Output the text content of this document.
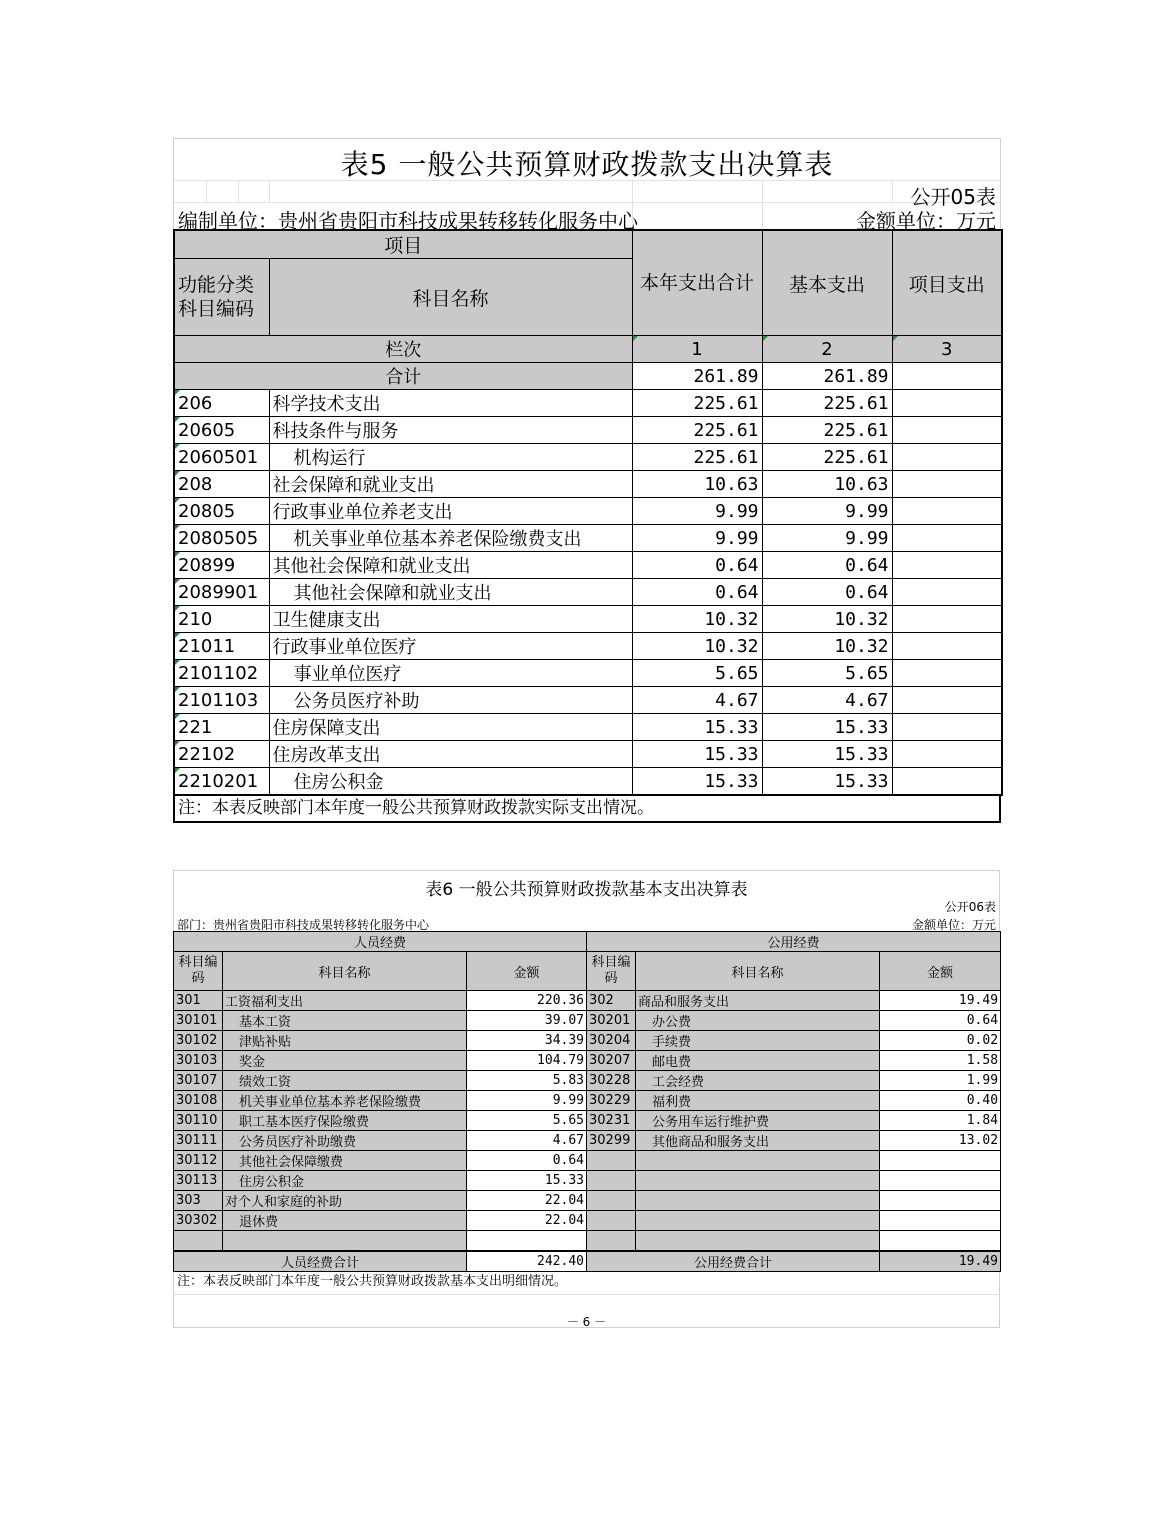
表5 一般公共预算财政拨款支出决算表
公开05表
编制单位：贵州省贵阳市科技成果转移转化服务中心	金额单位：万元
项目		本年支出合计	基本支出	项目支出
功能分类科目编码	科目名称			
栏次		1	2	3
合计		261.89	261.89	
206	科学技术支出	225.61	225.61	
20605	科技条件与服务	225.61	225.61	
2060501	机构运行	225.61	225.61	
208	社会保障和就业支出	10.63	10.63	
20805	行政事业单位养老支出	9.99	9.99	
2080505	机关事业单位基本养老保险缴费支出	9.99	9.99	
20899	其他社会保障和就业支出	0.64	0.64	
2089901	其他社会保障和就业支出	0.64	0.64	
210	卫生健康支出	10.32	10.32	
21011	行政事业单位医疗	10.32	10.32	
2101102	事业单位医疗	5.65	5.65	
2101103	公务员医疗补助	4.67	4.67	
221	住房保障支出	15.33	15.33	
22102	住房改革支出	15.33	15.33	
2210201	住房公积金	15.33	15.33	
注：本表反映部门本年度一般公共预算财政拨款实际支出情况。
表6 一般公共预算财政拨款基本支出决算表
公开06表
部门：贵州省贵阳市科技成果转移转化服务中心	金额单位：万元
人员经费			公用经费		
科目编码	科目名称	金额	科目编码	科目名称	金额
301	工资福利支出	220.36	302	商品和服务支出	19.49
30101	基本工资	39.07	30201	办公费	0.64
30102	津贴补贴	34.39	30204	手续费	0.02
30103	奖金	104.79	30207	邮电费	1.58
30107	绩效工资	5.83	30228	工会经费	1.99
30108	机关事业单位基本养老保险缴费	9.99	30229	福利费	0.40
30110	职工基本医疗保险缴费	5.65	30231	公务用车运行维护费	1.84
30111	公务员医疗补助缴费	4.67	30299	其他商品和服务支出	13.02
30112	其他社会保障缴费	0.64			
30113	住房公积金	15.33			
303	对个人和家庭的补助	22.04			
30302	退休费	22.04			

人员经费合计	242.40	公用经费合计	19.49
注：本表反映部门本年度一般公共预算财政拨款基本支出明细情况。
－ 6 －
